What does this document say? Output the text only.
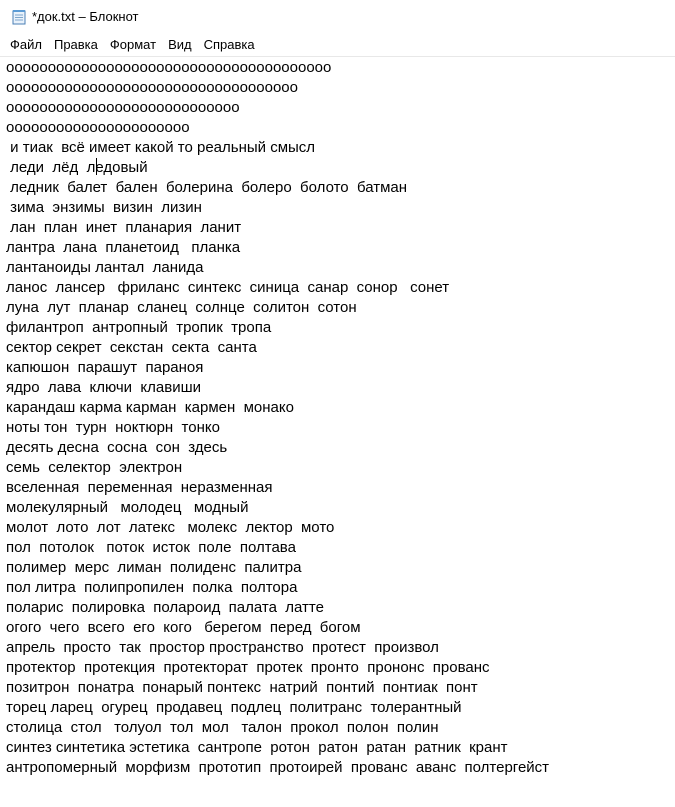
*док.txt – Блокнот
Файл Правка Формат Вид Справка
ооооооооооооооооооооооооооооооооооооооо
ооооооооооооооооооооооооооооооооооо
оооооооооооооооооооооооооооо
оооооооооооооооооооооо
и тиак  всё имеет какой то реальный смысл
леди  лёд  ледовый
ледник  балет  бален  болерина  болеро  болото  батман
зима  энзимы  визин  лизин
лан  план  инет  планария  ланит
лантра  лана  планетоид   планка
лантаноиды лантал  ланида
ланос  лансер   фриланс  синтекс  синица  санар  сонор   сонет
луна  лут  планар  сланец  солнце  солитон  сотон
филантроп  антропный  тропик  тропа
сектор секрет  секстан  секта  санта
капюшон  парашут  параноя
ядро  лава  ключи  клавиши
карандаш карма карман  кармен  монако
ноты тон  турн  ноктюрн  тонко
десять десна  сосна  сон  здесь
семь  селектор  электрон
вселенная  переменная  неразменная
молекулярный   молодец   модный
молот  лото  лот  латекс   молекс  лектор  мото
пол  потолок   поток  исток  поле  полтава
полимер  мерс  лиман  полиденс  палитра
пол литра  полипропилен  полка  полтора
поларис  полировка  полароид  палата  латте
огого  чего  всего  его  кого   берегом  перед  богом
апрель  просто  так  простор пространство  протест  произвол
протектор  протекция  протекторат  протек  пронто  прононс  прованс
позитрон  понатра  понарый понтекс  натрий  понтий  понтиак  понт
торец ларец  огурец  продавец  подлец  политранс  толерантный
столица  стол   толуол  тол  мол   талон  прокол  полон  полин
синтез синтетика эстетика  сантропе  ротон  ратон  ратан  ратник  крант
антропомерный  морфизм  прототип  протоирей  прованс  аванс  полтергейст
